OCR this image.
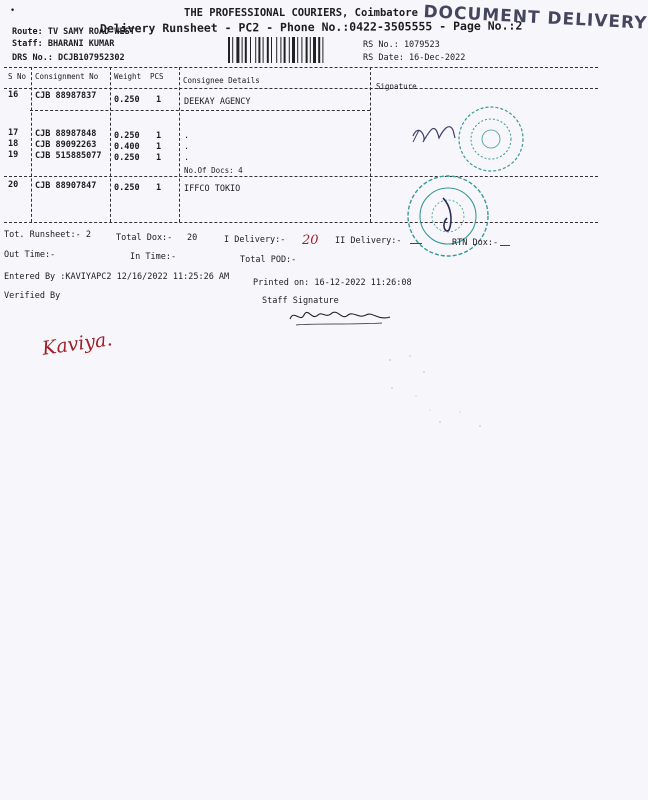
•	THE PROFESSIONAL COURIERS, Coimbatore DOCUMENT DELIVERY
Delivery Runsheet - PC2 - Phone No.:0422-3505555 - Page No.:2
Route: TV SAMY ROAD WEST
Staff: BHARANI KUMAR
DRS No.: DCJB107952302
RS No.: 1079523
RS Date: 16-Dec-2022
S No Consignment No Weight PCS	Consignee Details
Signature
16 CJB 88987837 0.250 1	DEEKAY AGENCY
17 CJB 88987848 0.250 1	.
18 CJB 89092263 0.400 1	.
19 CJB 515885077 0.250 1	.
No.Of Docs: 4
20 CJB 88907847 0.250 1	IFFCO TOKIO
Tot. Runsheet:- 2	Total Dox:- 20	I Delivery:- 20 II Delivery:-	RTN Dox:-
Out Time:-	In Time:-	Total POD:-
Entered By :KAVIYAPC2 12/16/2022 11:25:26 AM
Printed on: 16-12-2022 11:26:08
Verified By	Staff Signature
Kaviya.
